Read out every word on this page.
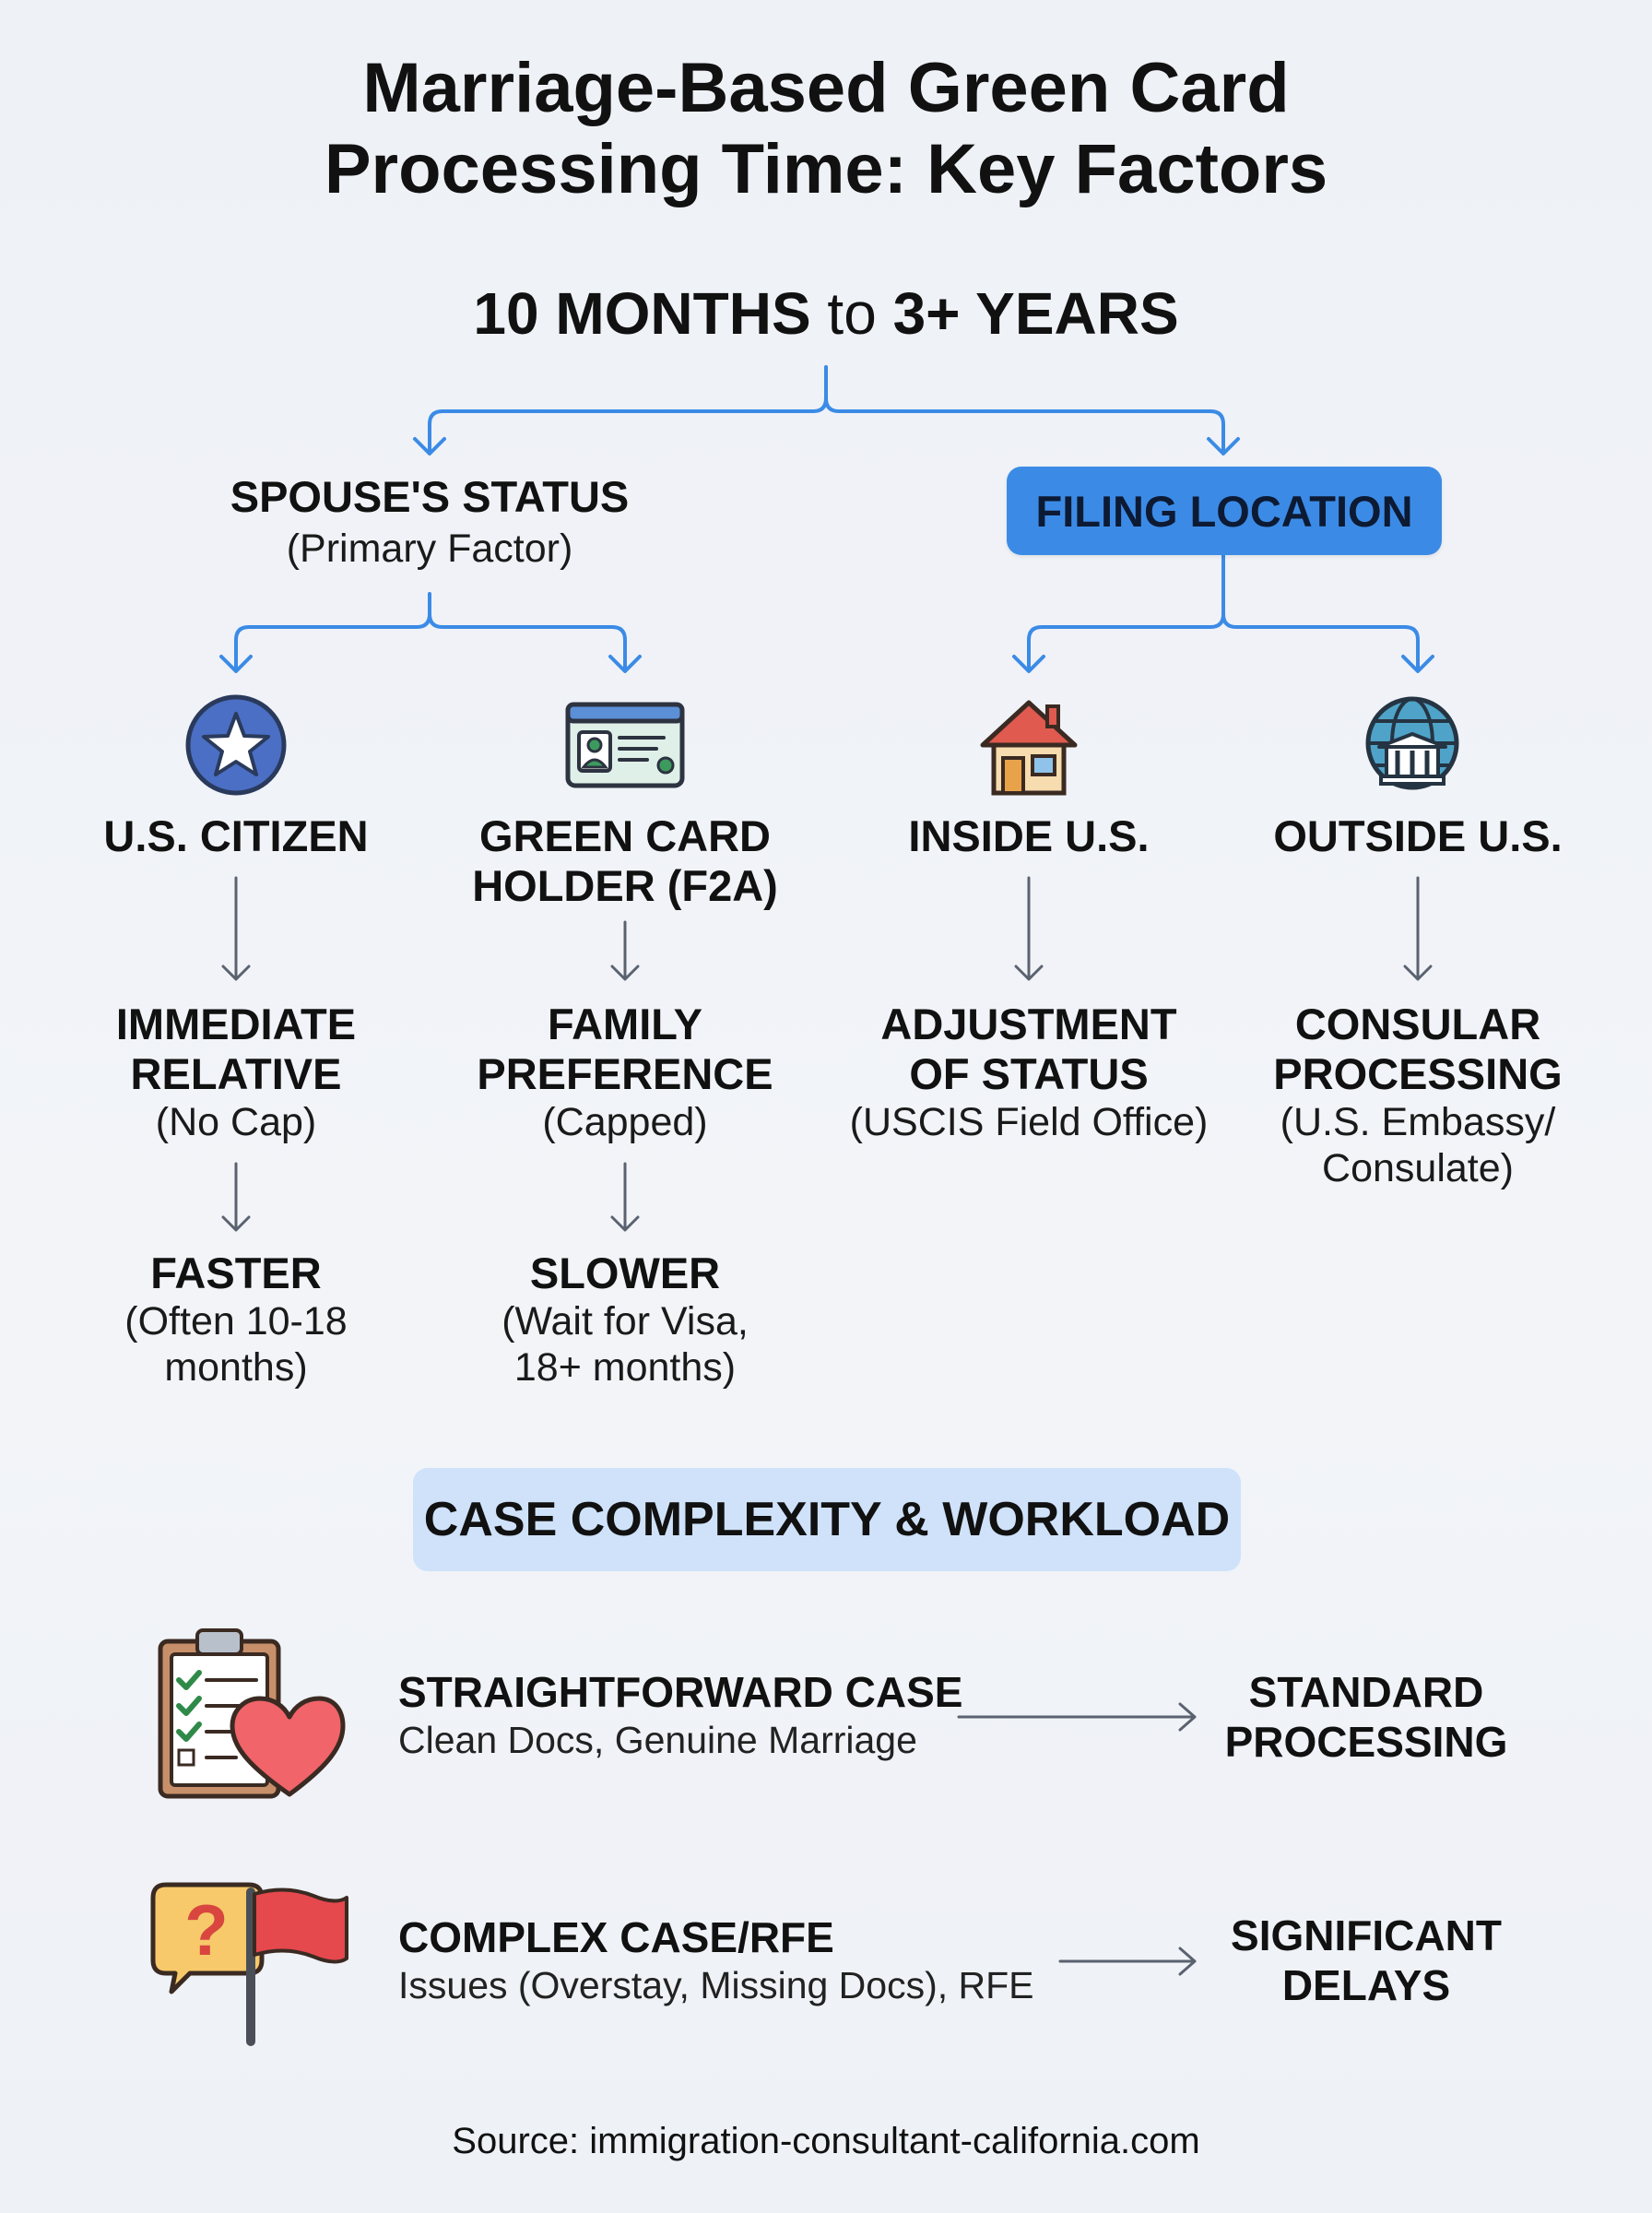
Marriage-Based Green Card
Processing Time: Key Factors
10 MONTHS to 3+ YEARS
SPOUSE'S STATUS
(Primary Factor)
FILING LOCATION
U.S. CITIZEN	GREEN CARD
HOLDER (F2A)
INSIDE U.S.	OUTSIDE U.S.
IMMEDIATE
RELATIVE
(No Cap)
FAMILY
PREFERENCE
(Capped)
ADJUSTMENT
OF STATUS
(USCIS Field Office)
CONSULAR
PROCESSING
(U.S. Embassy/
Consulate)
FASTER
(Often 10-18
months)
SLOWER
(Wait for Visa,
18+ months)
CASE COMPLEXITY & WORKLOAD
?
STRAIGHTFORWARD CASE
Clean Docs, Genuine Marriage
STANDARD
PROCESSING
COMPLEX CASE/RFE
Issues (Overstay, Missing Docs), RFE
SIGNIFICANT
DELAYS
Source: immigration-consultant-california.com
